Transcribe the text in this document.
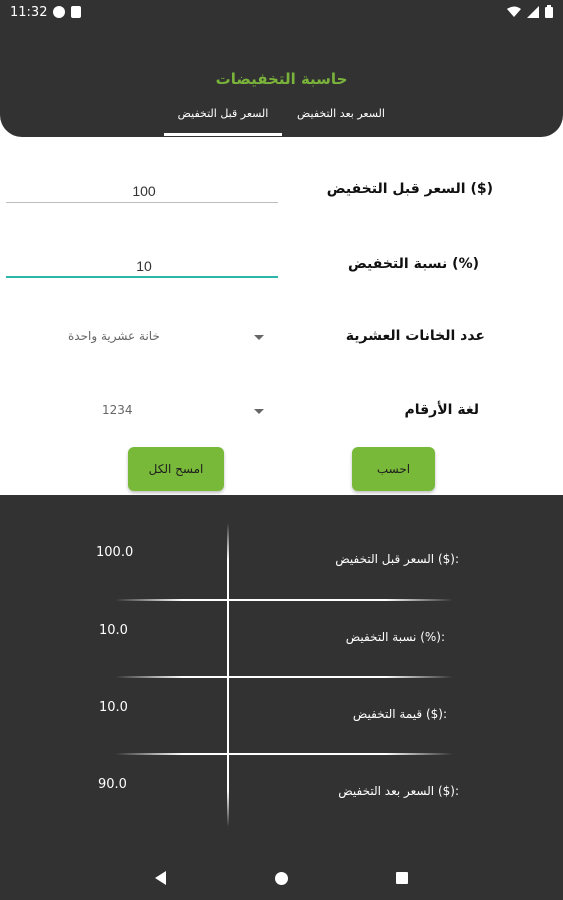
11:32
حاسبة التخفيضات
السعر قبل التخفيض	السعر بعد التخفيض
السعر قبل التخفيض ($)
100
نسبة التخفيض (%)
10
عدد الخانات العشرية
خانة عشرية واحدة
لغة الأرقام
1234
امسح الكل	احسب
السعر قبل التخفيض ($):
100.0
نسبة التخفيض (%):
10.0
قيمة التخفيض ($):
10.0
السعر بعد التخفيض ($):
90.0
